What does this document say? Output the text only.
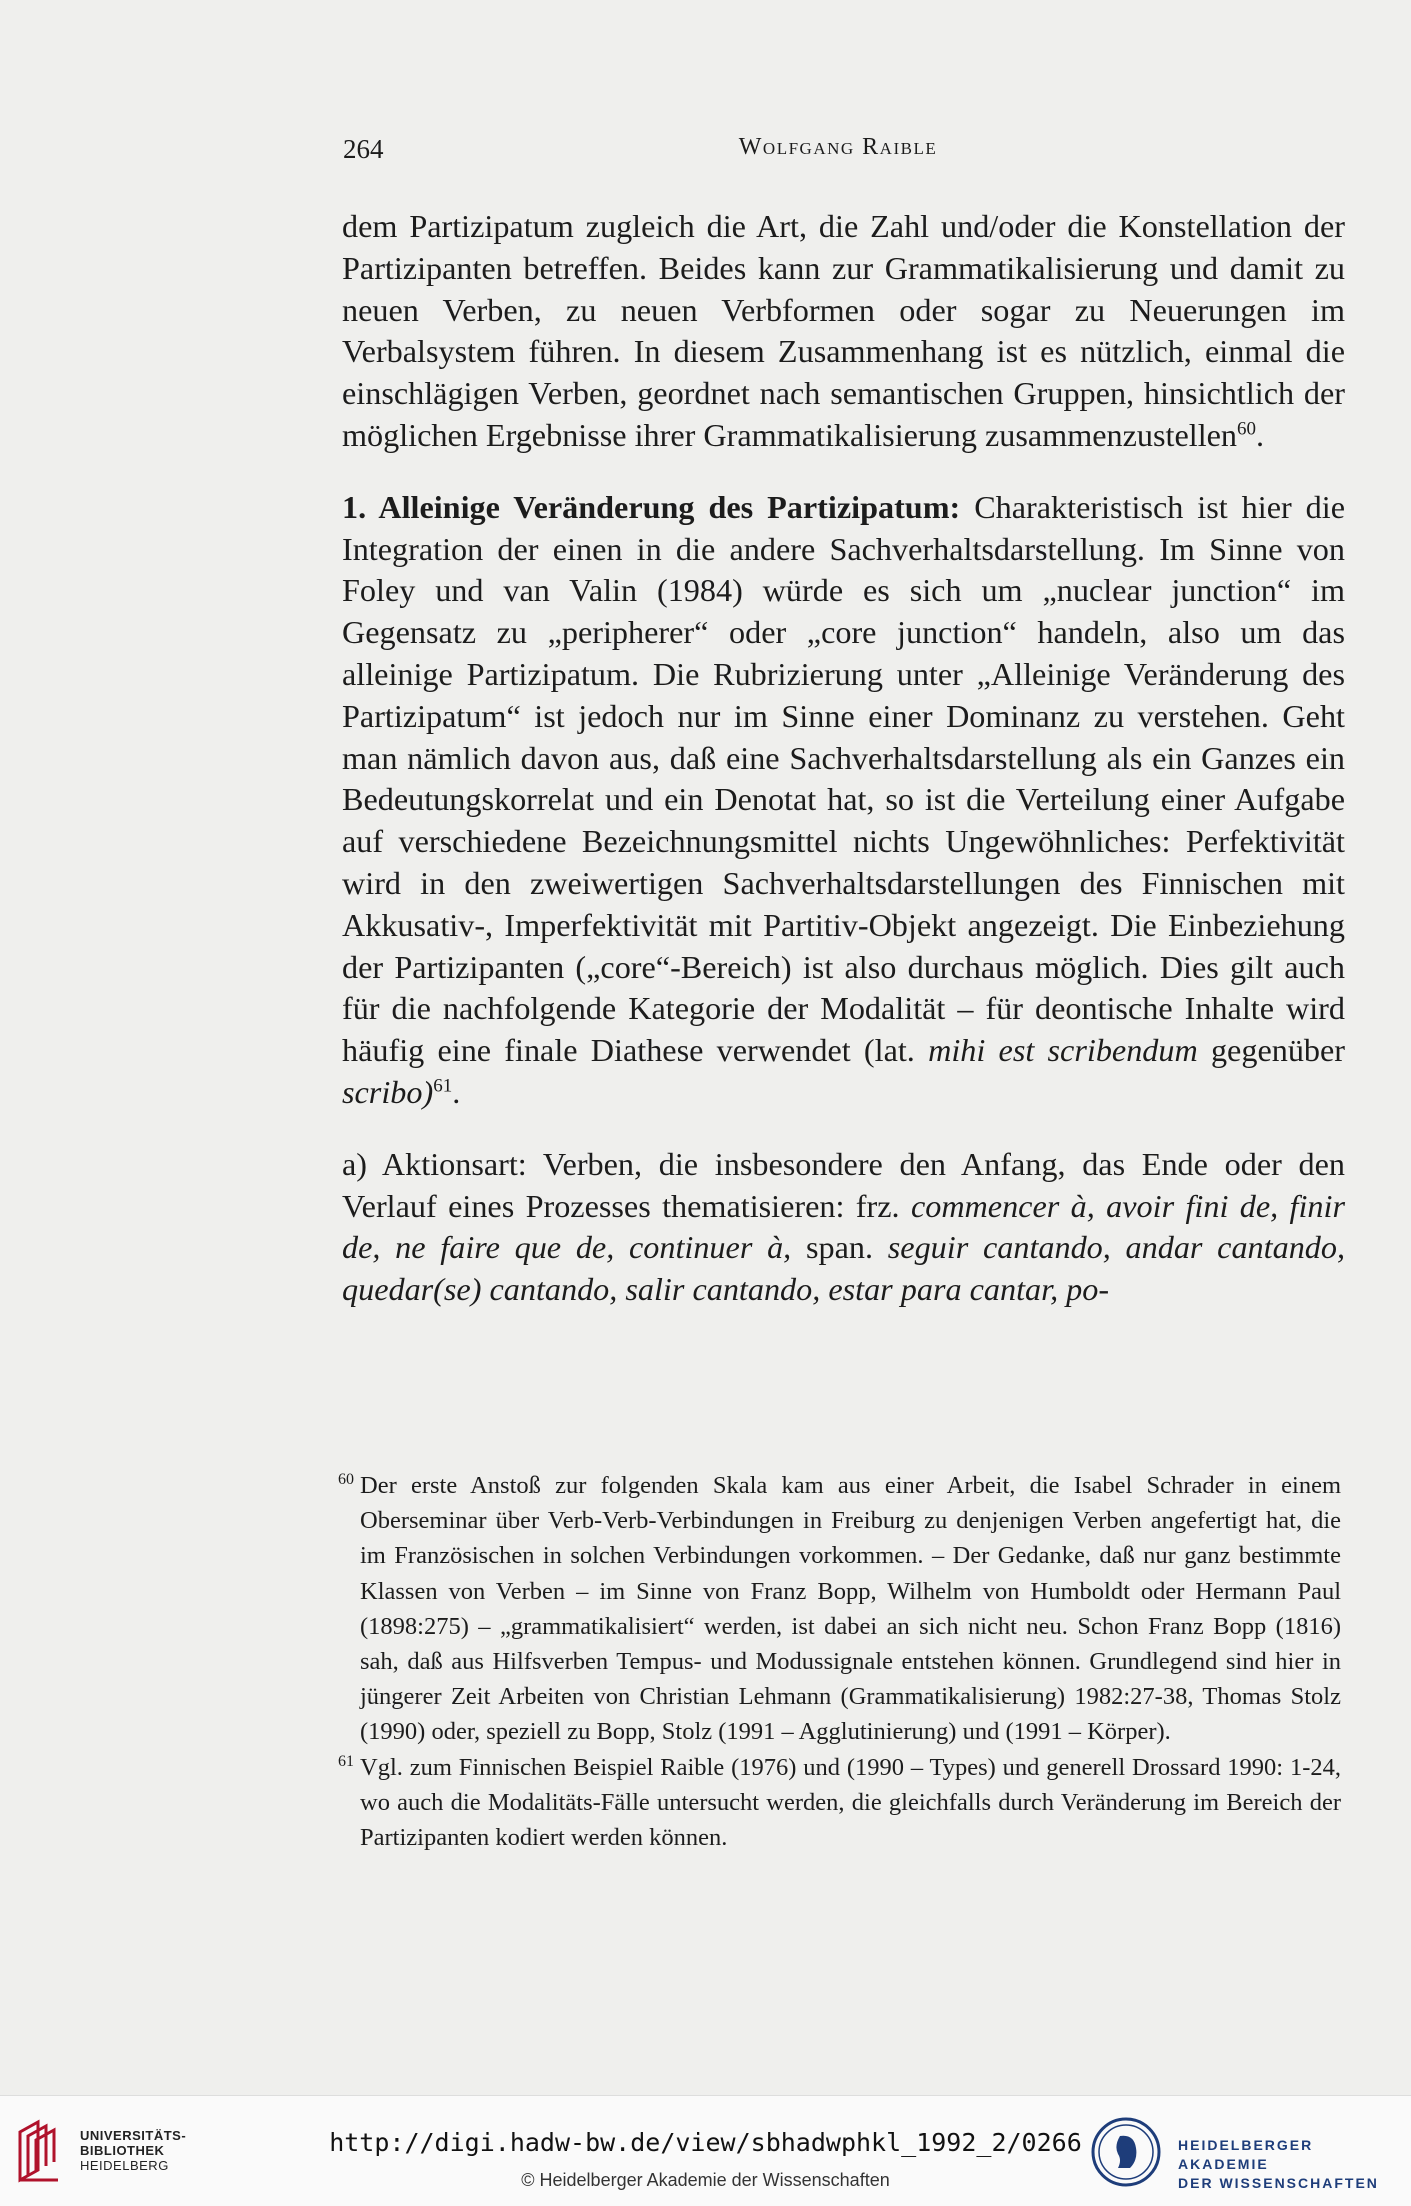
264	Wolfgang Raible

dem Partizipatum zugleich die Art, die Zahl und/oder die Konstellation der Partizipanten betreffen. Beides kann zur Grammatikalisierung und damit zu neuen Verben, zu neuen Verbformen oder sogar zu Neuerungen im Verbalsystem führen. In diesem Zusammenhang ist es nützlich, einmal die einschlägigen Verben, geordnet nach semantischen Gruppen, hinsichtlich der möglichen Ergebnisse ihrer Grammatikalisierung zusammenzustellen$^{60}$.

1. Alleinige Veränderung des Partizipatum: Charakteristisch ist hier die Integration der einen in die andere Sachverhaltsdarstellung. Im Sinne von Foley und van Valin (1984) würde es sich um „nuclear junction“ im Gegensatz zu „peripherer“ oder „core junction“ handeln, also um das alleinige Partizipatum. Die Rubrizierung unter „Alleinige Veränderung des Partizipatum“ ist jedoch nur im Sinne einer Dominanz zu verstehen. Geht man nämlich davon aus, daß eine Sachverhaltsdarstellung als ein Ganzes ein Bedeutungskorrelat und ein Denotat hat, so ist die Verteilung einer Aufgabe auf verschiedene Bezeichnungsmittel nichts Ungewöhnliches: Perfektivität wird in den zweiwertigen Sachverhaltsdarstellungen des Finnischen mit Akkusativ-, Imperfektivität mit Partitiv-Objekt angezeigt. Die Einbeziehung der Partizipanten („core“-Bereich) ist also durchaus möglich. Dies gilt auch für die nachfolgende Kategorie der Modalität – für deontische Inhalte wird häufig eine finale Diathese verwendet (lat. mihi est scribendum gegenüber scribo)$^{61}$.

a) Aktionsart: Verben, die insbesondere den Anfang, das Ende oder den Verlauf eines Prozesses thematisieren: frz. commencer à, avoir fini de, finir de, ne faire que de, continuer à, span. seguir cantando, andar cantando, quedar(se) cantando, salir cantando, estar para cantar, po-

60 Der erste Anstoß zur folgenden Skala kam aus einer Arbeit, die Isabel Schrader in einem Oberseminar über Verb-Verb-Verbindungen in Freiburg zu denjenigen Verben angefertigt hat, die im Französischen in solchen Verbindungen vorkommen. – Der Gedanke, daß nur ganz bestimmte Klassen von Verben – im Sinne von Franz Bopp, Wilhelm von Humboldt oder Hermann Paul (1898:275) – „grammatikalisiert“ werden, ist dabei an sich nicht neu. Schon Franz Bopp (1816) sah, daß aus Hilfsverben Tempus- und Modussignale entstehen können. Grundlegend sind hier in jüngerer Zeit Arbeiten von Christian Lehmann (Grammatikalisierung) 1982:27-38, Thomas Stolz (1990) oder, speziell zu Bopp, Stolz (1991 – Agglutinierung) und (1991 – Körper).

61 Vgl. zum Finnischen Beispiel Raible (1976) und (1990 – Types) und generell Drossard 1990: 1-24, wo auch die Modalitäts-Fälle untersucht werden, die gleichfalls durch Veränderung im Bereich der Partizipanten kodiert werden können.

UNIVERSITÄTS-
BIBLIOTHEK
HEIDELBERG
http://digi.hadw-bw.de/view/sbhadwphkl_1992_2/0266
© Heidelberger Akademie der Wissenschaften
HEIDELBERGER AKADEMIE
DER WISSENSCHAFTEN
